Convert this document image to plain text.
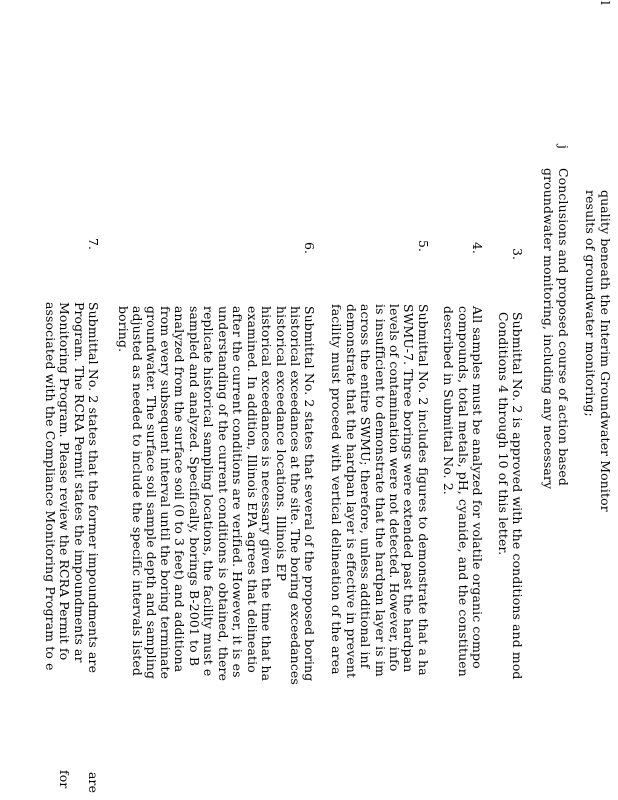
quality beneath the Interim Groundwater Monitor
results of groundwater monitoring;
j
Conclusions and proposed course of action based
groundwater monitoring, including any necessary
3.
Submittal No. 2 is approved with the conditions and mod
Conditions 4 through 10 of this letter.
4.
All samples must be analyzed for volatile organic compo
compounds, total metals, pH, cyanide, and the constituen
described in Submittal No. 2.
5.
Submittal No. 2 includes figures to demonstrate that a ha
SWMU-7. Three borings were extended past the hardpan
levels of contamination were not detected. However, info
is insufficient to demonstrate that the hardpan layer is im
across the entire SWMU; therefore, unless additional inf
demonstrate that the hardpan layer is effective in prevent
facility must proceed with vertical delineation of the area
6.
Submittal No. 2 states that several of the proposed boring
historical exceedances at the site. The boring exceedances
historical exceedance locations. Illinois EP
historical exceedances is necessary given the time that ha
examined. In addition, Illinois EPA agrees that delineatio
after the current conditions are verified. However, it is es
understanding of the current conditions is obtained, there
replicate historical sampling locations, the facility must e
sampled and analyzed. Specifically, borings B-2001 to B
analyzed from the surface soil (0 to 3 feet) and additiona
from every subsequent interval until the boring terminate
groundwater. The surface soil sample depth and sampling
adjusted as needed to include the specific intervals listed
boring.
7.
Submittal No. 2 states that the former impoundments are
Program. The RCRA Permit states the impoundments ar
Monitoring Program. Please review the RCRA Permit fo
associated with the Compliance Monitoring Program to e
l
for are
